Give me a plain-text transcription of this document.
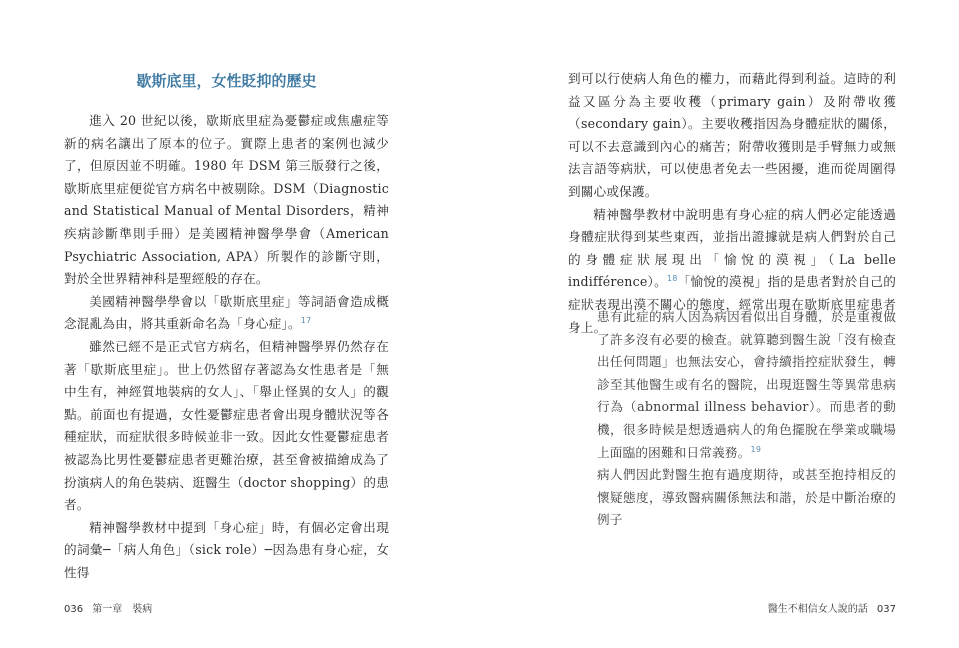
歇斯底里，女性貶抑的歷史

進入 20 世紀以後，歇斯底里症為憂鬱症或焦慮症等新的病名讓出了原本的位子。實際上患者的案例也減少了，但原因並不明確。1980 年 DSM 第三版發行之後，歇斯底里症便從官方病名中被剔除。DSM（Diagnostic and Statistical Manual of Mental Disorders，精神疾病診斷準則手冊）是美國精神醫學學會（American Psychiatric Association, APA）所製作的診斷守則，對於全世界精神科是聖經般的存在。

美國精神醫學學會以「歇斯底里症」等詞語會造成概念混亂為由，將其重新命名為「身心症」。$^{17}$

雖然已經不是正式官方病名，但精神醫學界仍然存在著「歇斯底里症」。世上仍然留存著認為女性患者是「無中生有，神經質地裝病的女人」、「舉止怪異的女人」的觀點。前面也有提過，女性憂鬱症患者會出現身體狀況等各種症狀，而症狀很多時候並非一致。因此女性憂鬱症患者被認為比男性憂鬱症患者更難治療，甚至會被描繪成為了扮演病人的角色裝病、逛醫生（doctor shopping）的患者。

精神醫學教材中提到「身心症」時，有個必定會出現的詞彙─「病人角色」（sick role）─因為患有身心症，女性得

036 第一章　裝病

到可以行使病人角色的權力，而藉此得到利益。這時的利益又區分為主要收穫（primary gain）及附帶收獲（secondary gain）。主要收穫指因為身體症狀的關係，可以不去意識到內心的痛苦；附帶收獲則是手臂無力或無法言語等病狀，可以使患者免去一些困擾，進而從周圍得到關心或保護。

精神醫學教材中說明患有身心症的病人們必定能透過身體症狀得到某些東西，並指出證據就是病人們對於自己的身體症狀展現出「愉悅的漠視」（La belle indifférence）。$^{18}$「愉悅的漠視」指的是患者對於自己的症狀表現出漠不關心的態度，經常出現在歇斯底里症患者身上。

患有此症的病人因為病因看似出自身體，於是重複做了許多沒有必要的檢查。就算聽到醫生說「沒有檢查出任何問題」也無法安心，會持續指控症狀發生，轉診至其他醫生或有名的醫院，出現逛醫生等異常患病行為（abnormal illness behavior）。而患者的動機，很多時候是想透過病人的角色擺脫在學業或職場上面臨的困難和日常義務。$^{19}$

病人們因此對醫生抱有過度期待，或甚至抱持相反的懷疑態度，導致醫病關係無法和諧，於是中斷治療的例子

醫生不相信女人說的話 037
